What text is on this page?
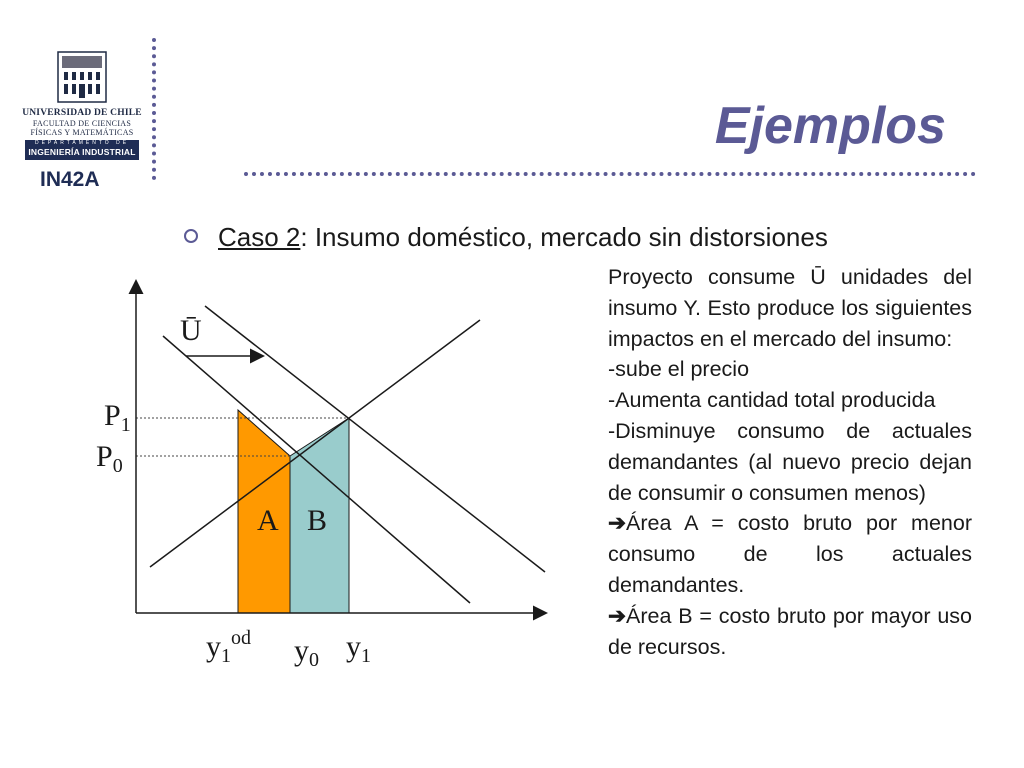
UNIVERSIDAD DE CHILE
FACULTAD DE CIENCIAS
FÍSICAS Y MATEMÁTICAS
DEPARTAMENTO DE
INGENIERÍA INDUSTRIAL
IN42A
Ejemplos
Caso 2: Insumo doméstico, mercado sin distorsiones
Ū
$P_1$
$P_0$
A B
$y_1^{od}$ $y_0$ $y_1$

Proyecto consume Ū unidades del insumo Y. Esto produce los siguientes impactos en el mercado del insumo:

-sube el precio

-Aumenta cantidad total producida

-Disminuye consumo de actuales demandantes (al nuevo precio dejan de consumir o consumen menos)

➔Área A = costo bruto por menor consumo de los actuales demandantes.

➔Área B = costo bruto por mayor uso de recursos.
